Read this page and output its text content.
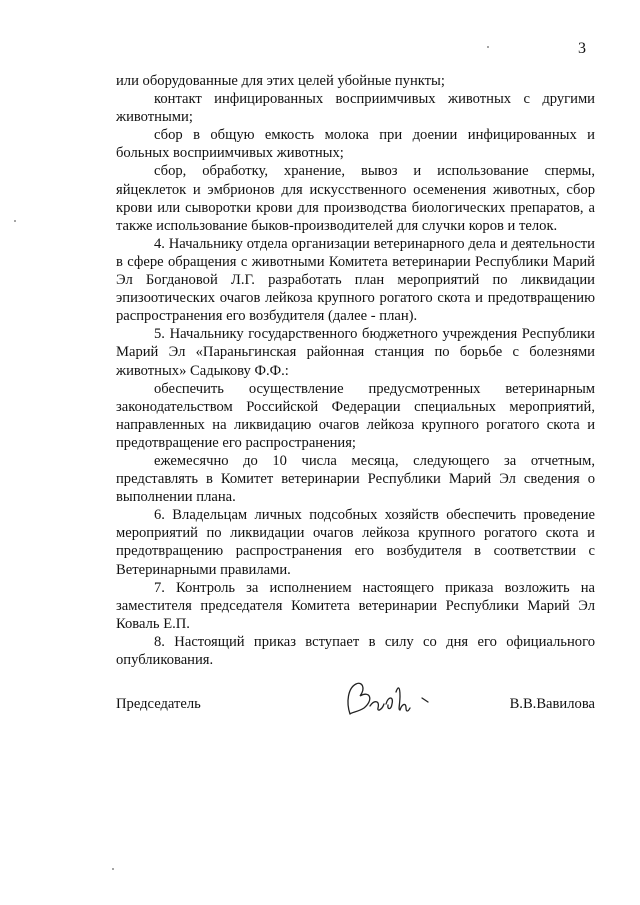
3

или оборудованные для этих целей убойные пункты;

контакт инфицированных восприимчивых животных с другими животными;

сбор в общую емкость молока при доении инфицированных и больных восприимчивых животных;

сбор, обработку, хранение, вывоз и использование спермы, яйцеклеток и эмбрионов для искусственного осеменения животных, сбор крови или сыворотки крови для производства биологических препаратов, а также использование быков-производителей для случки коров и телок.

4. Начальнику отдела организации ветеринарного дела и деятельности в сфере обращения с животными Комитета ветеринарии Республики Марий Эл Богдановой Л.Г. разработать план мероприятий по ликвидации эпизоотических очагов лейкоза крупного рогатого скота и предотвращению распространения его возбудителя (далее - план).

5. Начальнику государственного бюджетного учреждения Республики Марий Эл «Параньгинская районная станция по борьбе с болезнями животных» Садыкову Ф.Ф.:

обеспечить осуществление предусмотренных ветеринарным законодательством Российской Федерации специальных мероприятий, направленных на ликвидацию очагов лейкоза крупного рогатого скота и предотвращение его распространения;

ежемесячно до 10 числа месяца, следующего за отчетным, представлять в Комитет ветеринарии Республики Марий Эл сведения о выполнении плана.

6. Владельцам личных подсобных хозяйств обеспечить проведение мероприятий по ликвидации очагов лейкоза крупного рогатого скота и предотвращению распространения его возбудителя в соответствии с Ветеринарными правилами.

7. Контроль за исполнением настоящего приказа возложить на заместителя председателя Комитета ветеринарии Республики Марий Эл Коваль Е.П.

8. Настоящий приказ вступает в силу со дня его официального опубликования.

Председатель	В.В.Вавилова
